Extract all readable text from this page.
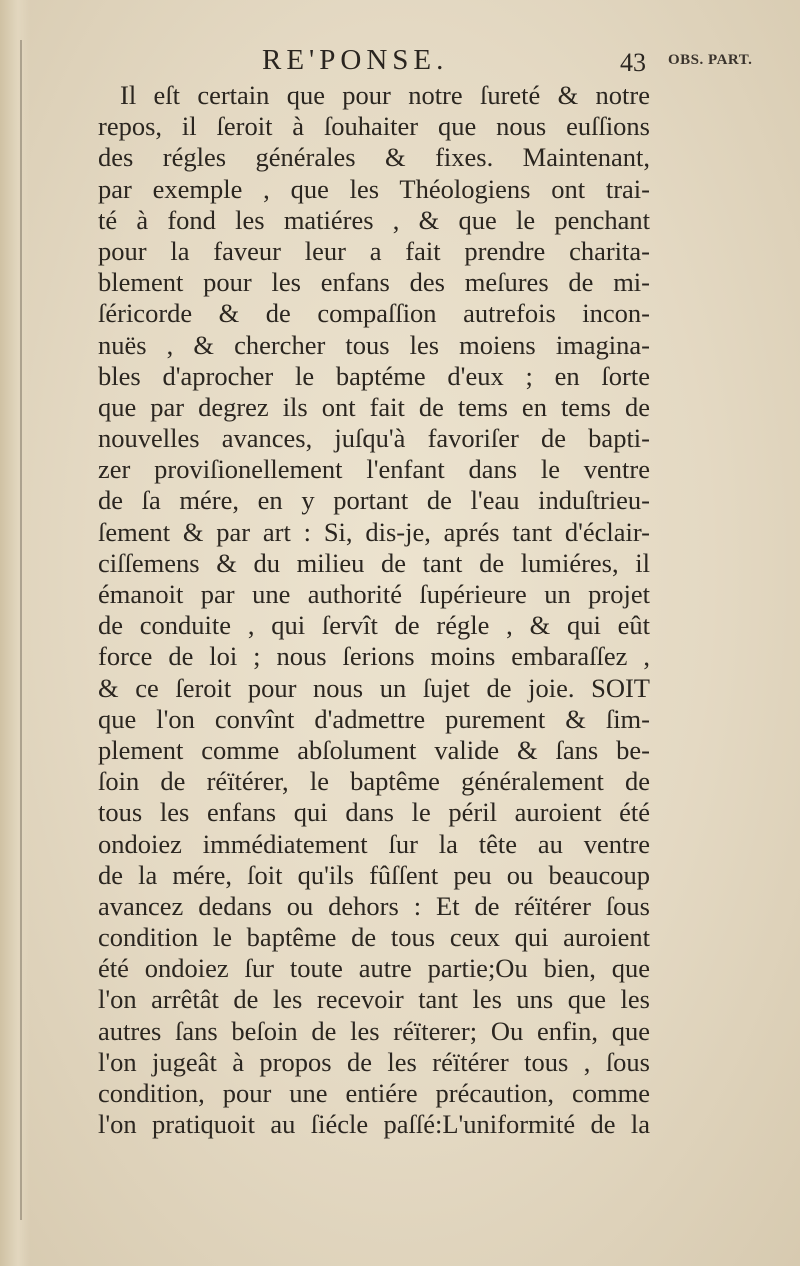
RE'PONSE.	43 OBS. PART.
Il eſt certain que pour notre ſureté & notre
repos, il ſeroit à ſouhaiter que nous euſſions
des régles générales & fixes. Maintenant,
par exemple , que les Théologiens ont trai-
té à fond les matiéres , & que le penchant
pour la faveur leur a fait prendre charita-
blement pour les enfans des meſures de mi-
ſéricorde & de compaſſion autrefois incon-
nuës , & chercher tous les moiens imagina-
bles d'aprocher le baptéme d'eux ; en ſorte
que par degrez ils ont fait de tems en tems de
nouvelles avances, juſqu'à favoriſer de bapti-
zer proviſionellement l'enfant dans le ventre
de ſa mére, en y portant de l'eau induſtrieu-
ſement & par art : Si, dis-je, aprés tant d'éclair-
ciſſemens & du milieu de tant de lumiéres, il
émanoit par une authorité ſupérieure un projet
de conduite , qui ſervît de régle , & qui eût
force de loi ; nous ſerions moins embaraſſez ,
& ce ſeroit pour nous un ſujet de joie. SOIT
que l'on convînt d'admettre purement & ſim-
plement comme abſolument valide & ſans be-
ſoin de réïtérer, le baptême généralement de
tous les enfans qui dans le péril auroient été
ondoiez immédiatement ſur la tête au ventre
de la mére, ſoit qu'ils fûſſent peu ou beaucoup
avancez dedans ou dehors : Et de réïtérer ſous
condition le baptême de tous ceux qui auroient
été ondoiez ſur toute autre partie;Ou bien, que
l'on arrêtât de les recevoir tant les uns que les
autres ſans beſoin de les réïterer; Ou enfin, que
l'on jugeât à propos de les réïtérer tous , ſous
condition, pour une entiére précaution, comme
l'on pratiquoit au ſiécle paſſé:L'uniformité de la
